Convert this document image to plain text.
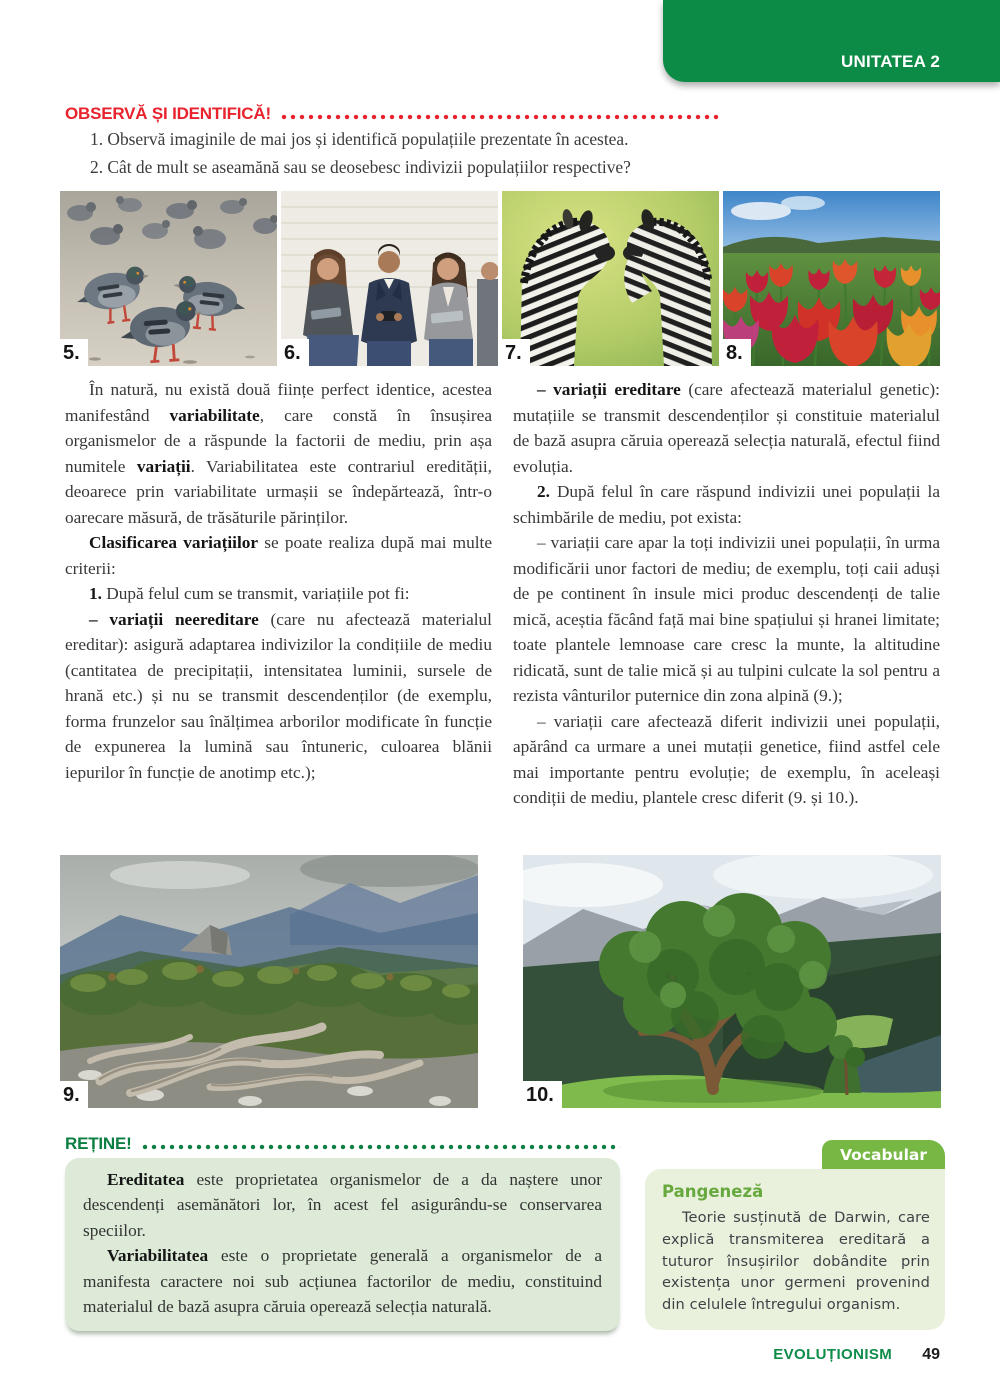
UNITATEA 2
OBSERVĂ ȘI IDENTIFICĂ!
1. Observă imaginile de mai jos și identifică populațiile prezentate în acestea.
2. Cât de mult se aseamănă sau se deosebesc indivizii populațiilor respective?
5.	6.	7.	8.

În natură, nu există două ființe perfect identice, acestea manifestând variabilitate, care constă în însușirea organismelor de a răspunde la factorii de mediu, prin așa numitele variații. Variabilitatea este contrariul eredității, deoarece prin variabilitate urmașii se îndepărtează, într-o oarecare măsură, de trăsăturile părinților.

Clasificarea variațiilor se poate realiza după mai multe criterii:

1. După felul cum se transmit, variațiile pot fi:

– variații neereditare (care nu afectează materialul ereditar): asigură adaptarea indivizilor la condițiile de mediu (cantitatea de precipitații, intensitatea luminii, sursele de hrană etc.) și nu se transmit descendenților (de exemplu, forma frunzelor sau înălțimea arborilor modificate în funcție de expunerea la lumină sau întuneric, culoarea blănii iepurilor în funcție de anotimp etc.);

– variații ereditare (care afectează materialul genetic): mutațiile se transmit descendenților și constituie materialul de bază asupra căruia operează selecția naturală, efectul fiind evoluția.

2. După felul în care răspund indivizii unei populații la schimbările de mediu, pot exista:

– variații care apar la toți indivizii unei populații, în urma modificării unor factori de mediu; de exemplu, toți caii aduși de pe continent în insule mici produc descendenți de talie mică, aceștia făcând față mai bine spațiului și hranei limitate; toate plantele lemnoase care cresc la munte, la altitudine ridicată, sunt de talie mică și au tulpini culcate la sol pentru a rezista vânturilor puternice din zona alpină (9.);

– variații care afectează diferit indivizii unei populații, apărând ca urmare a unei mutații genetice, fiind astfel cele mai importante pentru evoluție; de exemplu, în aceleași condiții de mediu, plantele cresc diferit (9. și 10.).

9.	10.
REȚINE!

Ereditatea este proprietatea organismelor de a da naștere unor descendenți asemănători lor, în acest fel asigurându-se conservarea speciilor.

Variabilitatea este o proprietate generală a organismelor de a manifesta caractere noi sub acțiunea factorilor de mediu, constituind materialul de bază asupra căruia operează selecția naturală.

Vocabular

Pangeneză

Teorie susținută de Darwin, care explică transmiterea ereditară a tuturor însușirilor dobândite prin existența unor germeni provenind din celulele întregului organism.

EVOLUȚIONISM 49
